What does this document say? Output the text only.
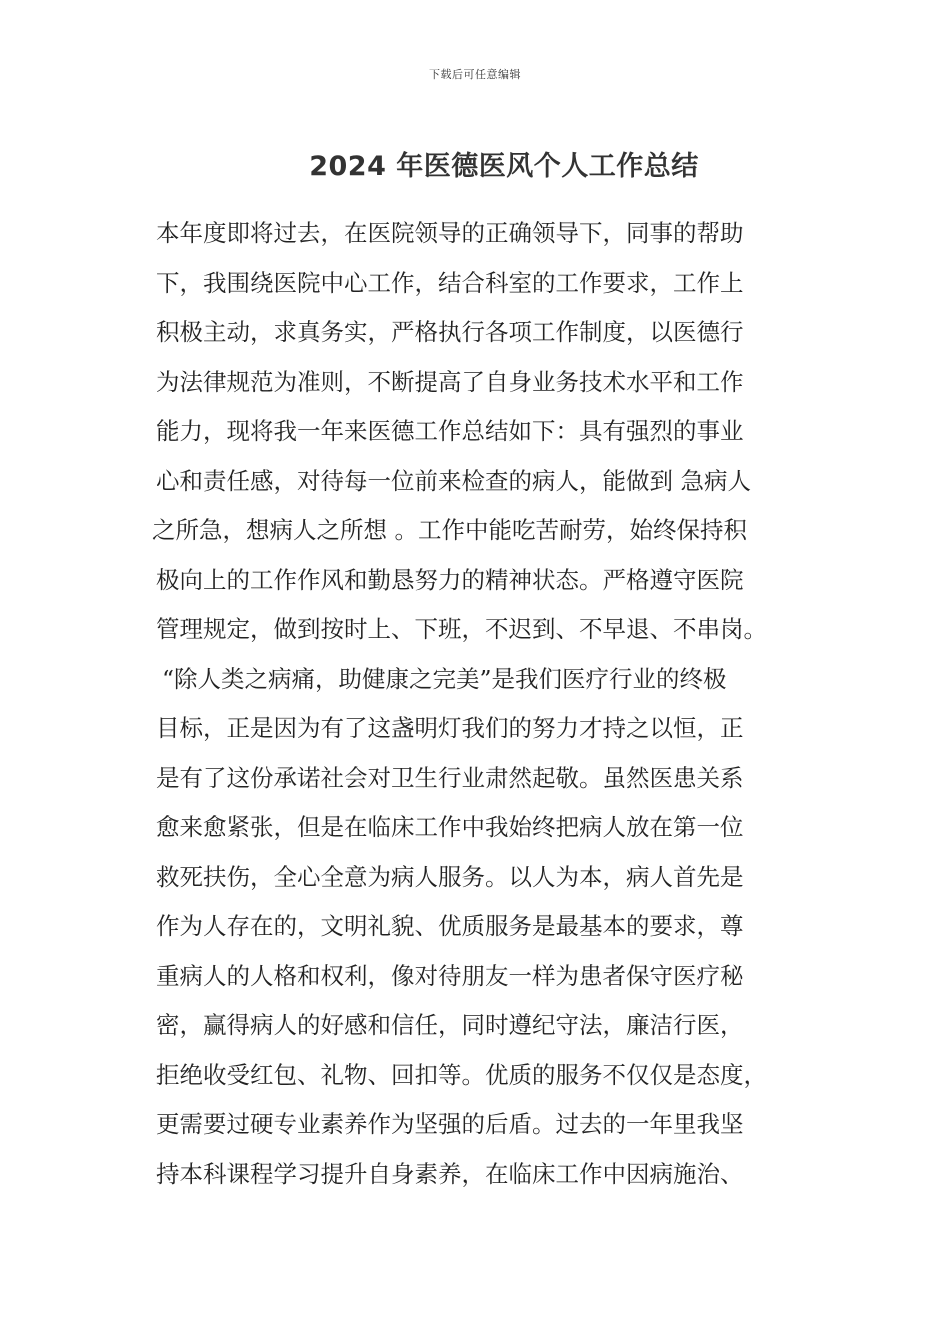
下载后可任意编辑
2024 年医德医风个人工作总结
本年度即将过去，在医院领导的正确领导下，同事的帮助
下，我围绕医院中心工作，结合科室的工作要求，工作上
积极主动，求真务实，严格执行各项工作制度，以医德行
为法律规范为准则，不断提高了自身业务技术水平和工作
能力，现将我一年来医德工作总结如下：具有强烈的事业
心和责任感，对待每一位前来检查的病人，能做到 急病人
之所急，想病人之所想 。工作中能吃苦耐劳，始终保持积
极向上的工作作风和勤恳努力的精神状态。严格遵守医院
管理规定，做到按时上、下班，不迟到、不早退、不串岗。
“除人类之病痛，助健康之完美”是我们医疗行业的终极
目标，正是因为有了这盏明灯我们的努力才持之以恒，正
是有了这份承诺社会对卫生行业肃然起敬。虽然医患关系
愈来愈紧张，但是在临床工作中我始终把病人放在第一位
救死扶伤，全心全意为病人服务。以人为本，病人首先是
作为人存在的，文明礼貌、优质服务是最基本的要求，尊
重病人的人格和权利，像对待朋友一样为患者保守医疗秘
密，赢得病人的好感和信任，同时遵纪守法，廉洁行医，
拒绝收受红包、礼物、回扣等。优质的服务不仅仅是态度，
更需要过硬专业素养作为坚强的后盾。过去的一年里我坚
持本科课程学习提升自身素养，在临床工作中因病施治、
